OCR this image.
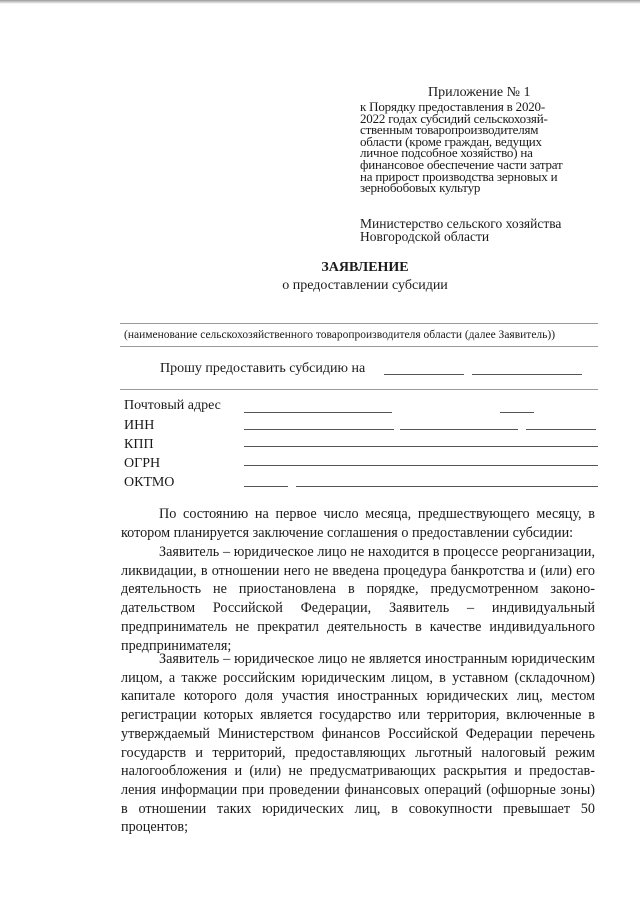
Приложение № 1
к Порядку предоставления в 2020-
2022 годах субсидий сельскохозяй-
ственным товаропроизводителям
области (кроме граждан, ведущих
личное подсобное хозяйство) на
финансовое обеспечение части затрат
на прирост производства зерновых и
зернобобовых культур
Министерство сельского хозяйства
Новгородской области
ЗАЯВЛЕНИЕ
о предоставлении субсидии
(наименование сельскохозяйственного товаропроизводителя области (далее Заявитель))
Прошу предоставить субсидию на
Почтовый адрес
ИНН
КПП
ОГРН
ОКТМО
По состоянию на первое число месяца, предшествующего месяцу, в котором планируется заключение соглашения о предоставлении субсидии:
Заявитель – юридическое лицо не находится в процессе реорганизации, ликвидации, в отношении него не введена процедура банкротства и (или) его деятельность не приостановлена в порядке, предусмотренном законо-дательством Российской Федерации, Заявитель – индивидуальный предприниматель не прекратил деятельность в качестве индивидуального предпринимателя;
Заявитель – юридическое лицо не является иностранным юридическим лицом, а также российским юридическим лицом, в уставном (складочном) капитале которого доля участия иностранных юридических лиц, местом регистрации которых является государство или территория, включенные в утверждаемый Министерством финансов Российской Федерации перечень государств и территорий, предоставляющих льготный налоговый режим налогообложения и (или) не предусматривающих раскрытия и предостав-ления информации при проведении финансовых операций (офшорные зоны) в отношении таких юридических лиц, в совокупности превышает 50 процентов;
